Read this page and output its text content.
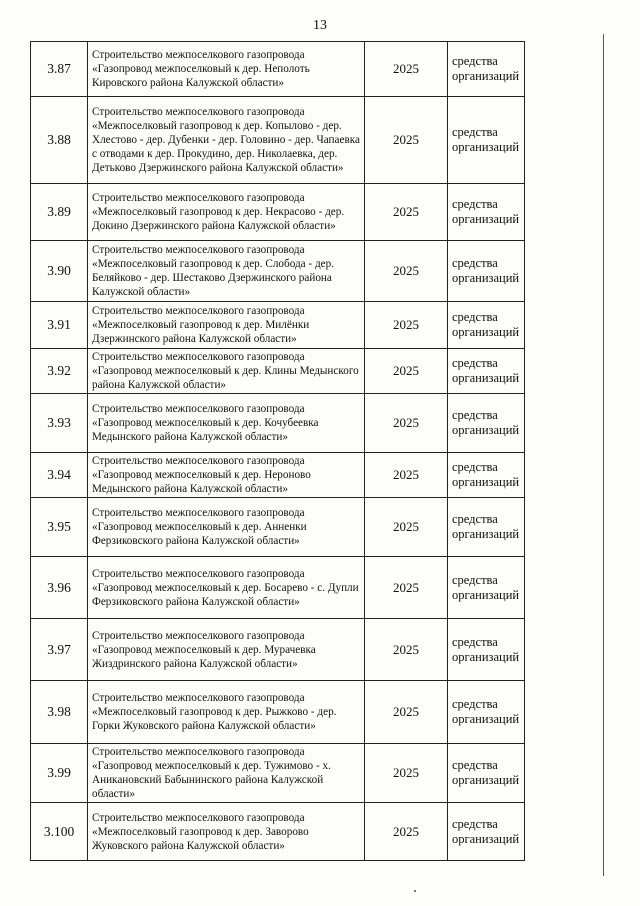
13
3.87	Строительство межпоселкового газопровода «Газопровод межпоселковый к дер. Неполоть Кировского района Калужской области»	2025	средства организаций
3.88	Строительство межпоселкового газопровода «Межпоселковый газопровод к дер. Копылово - дер. Хлестово - дер. Дубенки - дер. Головино - дер. Чапаевка с отводами к дер. Прокудино, дер. Николаевка, дер. Детьково Дзержинского района Калужской области»	2025	средства организаций
3.89	Строительство межпоселкового газопровода «Межпоселковый газопровод к дер. Некрасово - дер. Докино Дзержинского района Калужской области»	2025	средства организаций
3.90	Строительство межпоселкового газопровода «Межпоселковый газопровод к дер. Слобода - дер. Беляйково - дер. Шестаково Дзержинского района Калужской области»	2025	средства организаций
3.91	Строительство межпоселкового газопровода «Межпоселковый газопровод к дер. Милёнки Дзержинского района Калужской области»	2025	средства организаций
3.92	Строительство межпоселкового газопровода «Газопровод межпоселковый к дер. Клины Медынского района Калужской области»	2025	средства организаций
3.93	Строительство межпоселкового газопровода «Газопровод межпоселковый к дер. Кочубеевка Медынского района Калужской области»	2025	средства организаций
3.94	Строительство межпоселкового газопровода «Газопровод межпоселковый к дер. Нероново Медынского района Калужской области»	2025	средства организаций
3.95	Строительство межпоселкового газопровода «Газопровод межпоселковый к дер. Анненки Ферзиковского района Калужской области»	2025	средства организаций
3.96	Строительство межпоселкового газопровода «Газопровод межпоселковый к дер. Босарево - с. Дупли Ферзиковского района Калужской области»	2025	средства организаций
3.97	Строительство межпоселкового газопровода «Газопровод межпоселковый к дер. Мурачевка Жиздринского района Калужской области»	2025	средства организаций
3.98	Строительство межпоселкового газопровода «Межпоселковый газопровод к дер. Рыжково - дер. Горки Жуковского района Калужской области»	2025	средства организаций
3.99	Строительство межпоселкового газопровода «Газопровод межпоселковый к дер. Тужимово - х. Аникановский Бабынинского района Калужской области»	2025	средства организаций
3.100	Строительство межпоселкового газопровода «Межпоселковый газопровод к дер. Заворово Жуковского района Калужской области»	2025	средства организаций
